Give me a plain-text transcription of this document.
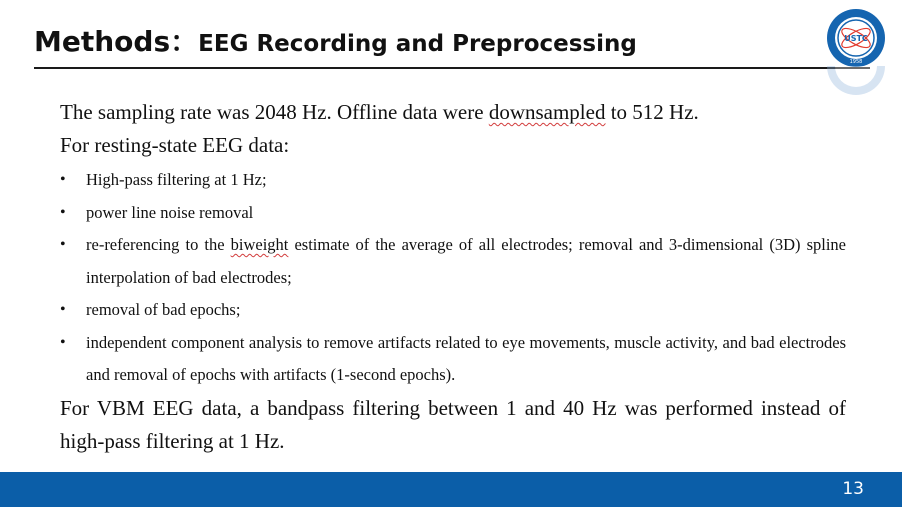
Methods：EEG Recording and Preprocessing	USTC
1958

The sampling rate was 2048 Hz. Offline data were downsampled to 512 Hz.

For resting-state EEG data:

• High-pass filtering at 1 Hz;
• power line noise removal
• re-referencing to the biweight estimate of the average of all electrodes; removal and 3-dimensional (3D) spline interpolation of bad electrodes;
• removal of bad epochs;
• independent component analysis to remove artifacts related to eye movements, muscle activity, and bad electrodes and removal of epochs with artifacts (1-second epochs).

For VBM EEG data, a bandpass filtering between 1 and 40 Hz was performed instead of high-pass filtering at 1 Hz.

13
